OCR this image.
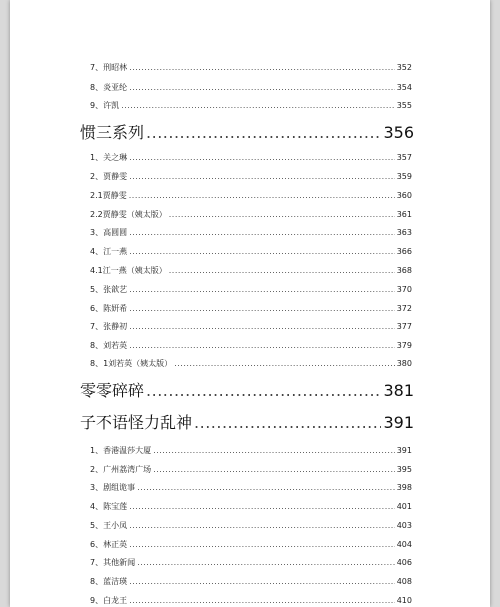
7、刑昭林 .....	352
8、炎亚纶 .....	354
9、许凯 .....	355
惯三系列 .....	356
1、关之琳 .....	357
2、贾静雯 .....	359
2.1贾静雯 .....	360
2.2贾静雯（姨太版） .....	361
3、高圆圆 .....	363
4、江一燕 .....	366
4.1江一燕（姨太版） .....	368
5、张歆艺 .....	370
6、陈妍希 .....	372
7、张静初 .....	377
8、刘若英 .....	379
8、1刘若英（姨太版） .....	380
零零碎碎 .....	381
子不语怪力乱神 .....	391
1、香港温莎大厦 .....	391
2、广州荔湾广场 .....	395
3、剧组诡事 .....	398
4、陈宝莲 .....	401
5、王小凤 .....	403
6、林正英 .....	404
7、其他新闻 .....	406
8、蓝洁瑛 .....	408
9、白龙王 .....	410
